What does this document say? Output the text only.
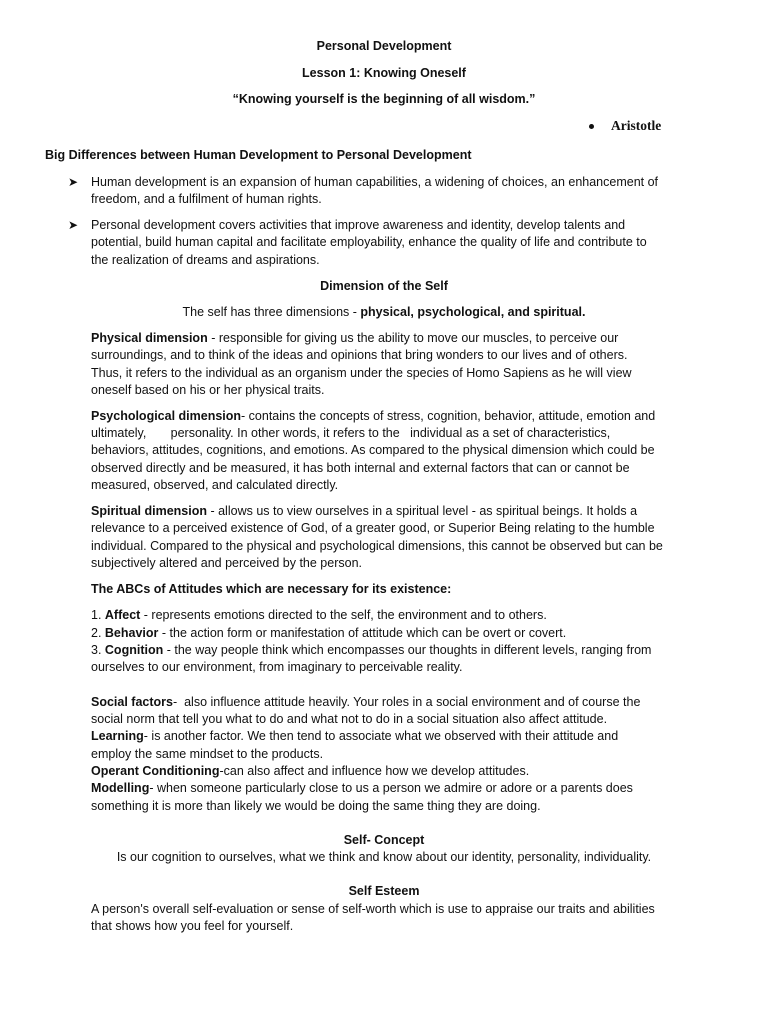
Personal Development
Lesson 1: Knowing Oneself
“Knowing yourself is the beginning of all wisdom.”
Aristotle
Big Differences between Human Development to Personal Development
➤ Human development is an expansion of human capabilities, a widening of choices, an enhancement of
freedom, and a fulfilment of human rights.
➤ Personal development covers activities that improve awareness and identity, develop talents and
potential, build human capital and facilitate employability, enhance the quality of life and contribute to
the realization of dreams and aspirations.
Dimension of the Self
The self has three dimensions - physical, psychological, and spiritual.
Physical dimension - responsible for giving us the ability to move our muscles, to perceive our
surroundings, and to think of the ideas and opinions that bring wonders to our lives and of others.
Thus, it refers to the individual as an organism under the species of Homo Sapiens as he will view
oneself based on his or her physical traits.
Psychological dimension- contains the concepts of stress, cognition, behavior, attitude, emotion and
ultimately,       personality. In other words, it refers to the   individual as a set of characteristics,
behaviors, attitudes, cognitions, and emotions. As compared to the physical dimension which could be
observed directly and be measured, it has both internal and external factors that can or cannot be
measured, observed, and calculated directly.
Spiritual dimension - allows us to view ourselves in a spiritual level - as spiritual beings. It holds a
relevance to a perceived existence of God, of a greater good, or Superior Being relating to the humble
individual. Compared to the physical and psychological dimensions, this cannot be observed but can be
subjectively altered and perceived by the person.
The ABCs of Attitudes which are necessary for its existence:
1. Affect - represents emotions directed to the self, the environment and to others.
2. Behavior - the action form or manifestation of attitude which can be overt or covert.
3. Cognition - the way people think which encompasses our thoughts in different levels, ranging from
ourselves to our environment, from imaginary to perceivable reality.
Social factors-  also influence attitude heavily. Your roles in a social environment and of course the
social norm that tell you what to do and what not to do in a social situation also affect attitude.
Learning- is another factor. We then tend to associate what we observed with their attitude and
employ the same mindset to the products.
Operant Conditioning-can also affect and influence how we develop attitudes.
Modelling- when someone particularly close to us a person we admire or adore or a parents does
something it is more than likely we would be doing the same thing they are doing.
Self- Concept
Is our cognition to ourselves, what we think and know about our identity, personality, individuality.
Self Esteem
A person's overall self-evaluation or sense of self-worth which is use to appraise our traits and abilities
that shows how you feel for yourself.
